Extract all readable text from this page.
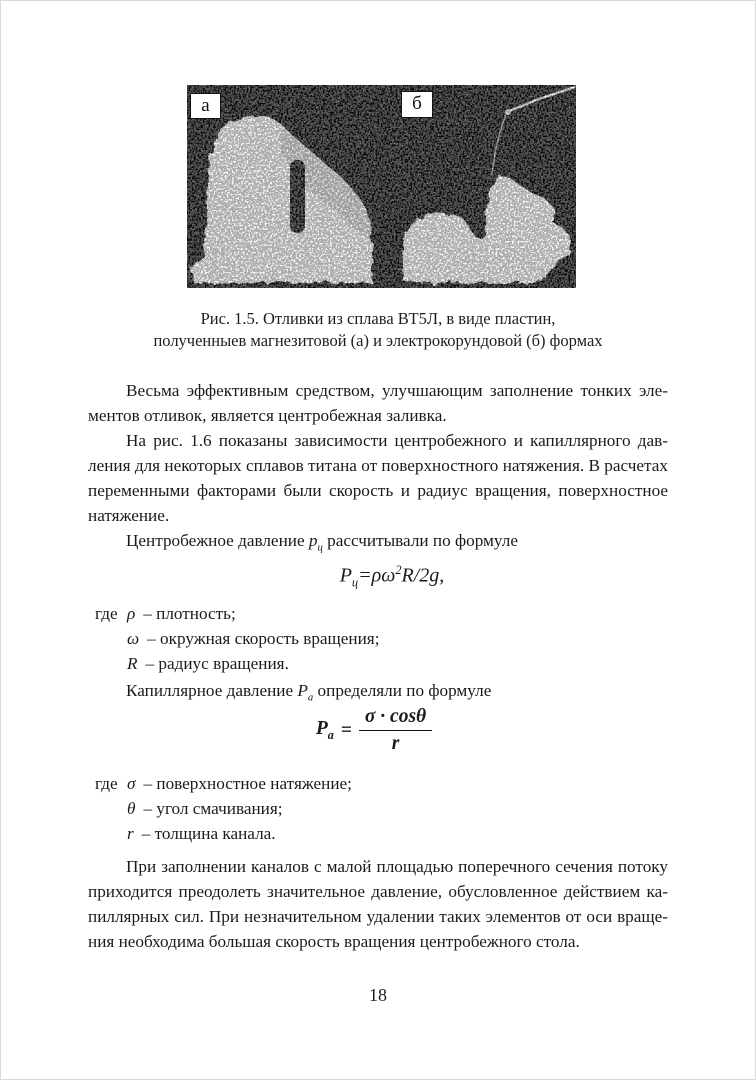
а	б
Рис. 1.5. Отливки из сплава ВТ5Л, в виде пластин,
полученныев магнезитовой (а) и электрокорундовой (б) формах
Весьма эффективным средством, улучшающим заполнение тонких эле-
ментов отливок, является центробежная заливка.
На рис. 1.6 показаны зависимости центробежного и капиллярного дав-
ления для некоторых сплавов титана от поверхностного натяжения. В расчетах
переменными факторами были скорость и радиус вращения, поверхностное
натяжение.
Центробежное давление $p_ц$ рассчитывали по формуле
$P_ц=\rho\omega^2R/2g$,
где ρ – плотность;
ω – окружная скорость вращения;
R – радиус вращения.
Капиллярное давление $P_a$ определяли по формуле
$P_a = \frac{\sigma \cdot \cos\theta}{r}$
где σ – поверхностное натяжение;
θ – угол смачивания;
r – толщина канала.
При заполнении каналов с малой площадью поперечного сечения потоку
приходится преодолеть значительное давление, обусловленное действием ка-
пиллярных сил. При незначительном удалении таких элементов от оси враще-
ния необходима большая скорость вращения центробежного стола.
18
